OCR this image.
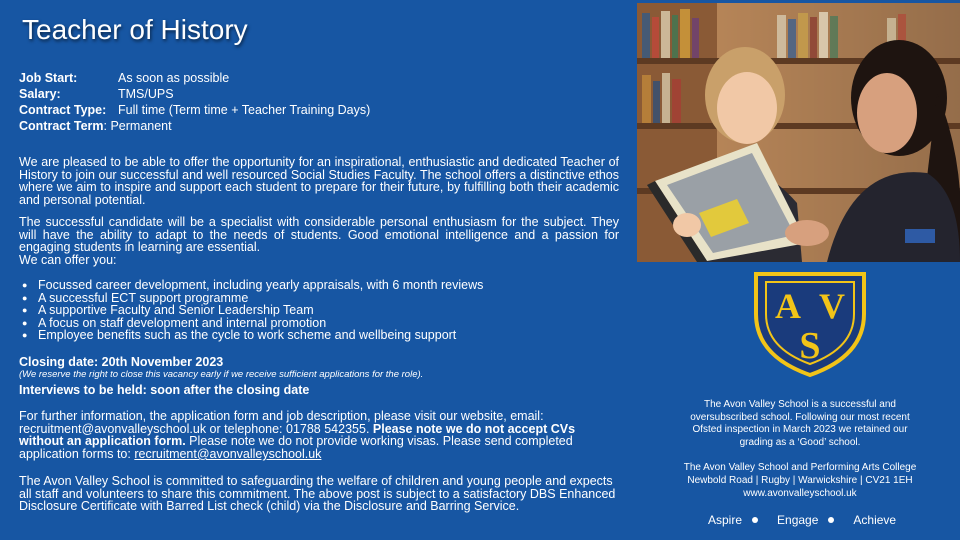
Teacher of History
Job Start:	As soon as possible
Salary:	TMS/UPS
Contract Type: Full time (Term time + Teacher Training Days)
Contract Term: Permanent

We are pleased to be able to offer the opportunity for an inspirational, enthusiastic and dedicated Teacher of History to join our successful and well resourced Social Studies Faculty. The school offers a distinctive ethos where we aim to inspire and support each student to prepare for their future, by fulfilling both their academic and personal potential.

The successful candidate will be a specialist with considerable personal enthusiasm for the subject. They will have the ability to adapt to the needs of students. Good emotional intelligence and a passion for engaging students in learning are essential.

We can offer you:

● Focussed career development, including yearly appraisals, with 6 month reviews
● A successful ECT support programme
● A supportive Faculty and Senior Leadership Team
● A focus on staff development and internal promotion
● Employee benefits such as the cycle to work scheme and wellbeing support
Closing date: 20th November 2023
(We reserve the right to close this vacancy early if we receive sufficient applications for the role).
Interviews to be held: soon after the closing date
For further information, the application form and job description, please visit our website, email: recruitment@avonvalleyschool.uk or telephone: 01788 542355. Please note we do not accept CVs without an application form. Please note we do not provide working visas. Please send completed application forms to: recruitment@avonvalleyschool.uk
The Avon Valley School is committed to safeguarding the welfare of children and young people and expects all staff and volunteers to share this commitment. The above post is subject to a satisfactory DBS Enhanced Disclosure Certificate with Barred List check (child) via the Disclosure and Barring Service.
A V
S

The Avon Valley School is a successful and oversubscribed school. Following our most recent Ofsted inspection in March 2023 we retained our grading as a ‘Good’ school.

The Avon Valley School and Performing Arts College

Newbold Road | Rugby | Warwickshire | CV21 1EH

www.avonvalleyschool.uk

Aspire	Engage	Achieve
